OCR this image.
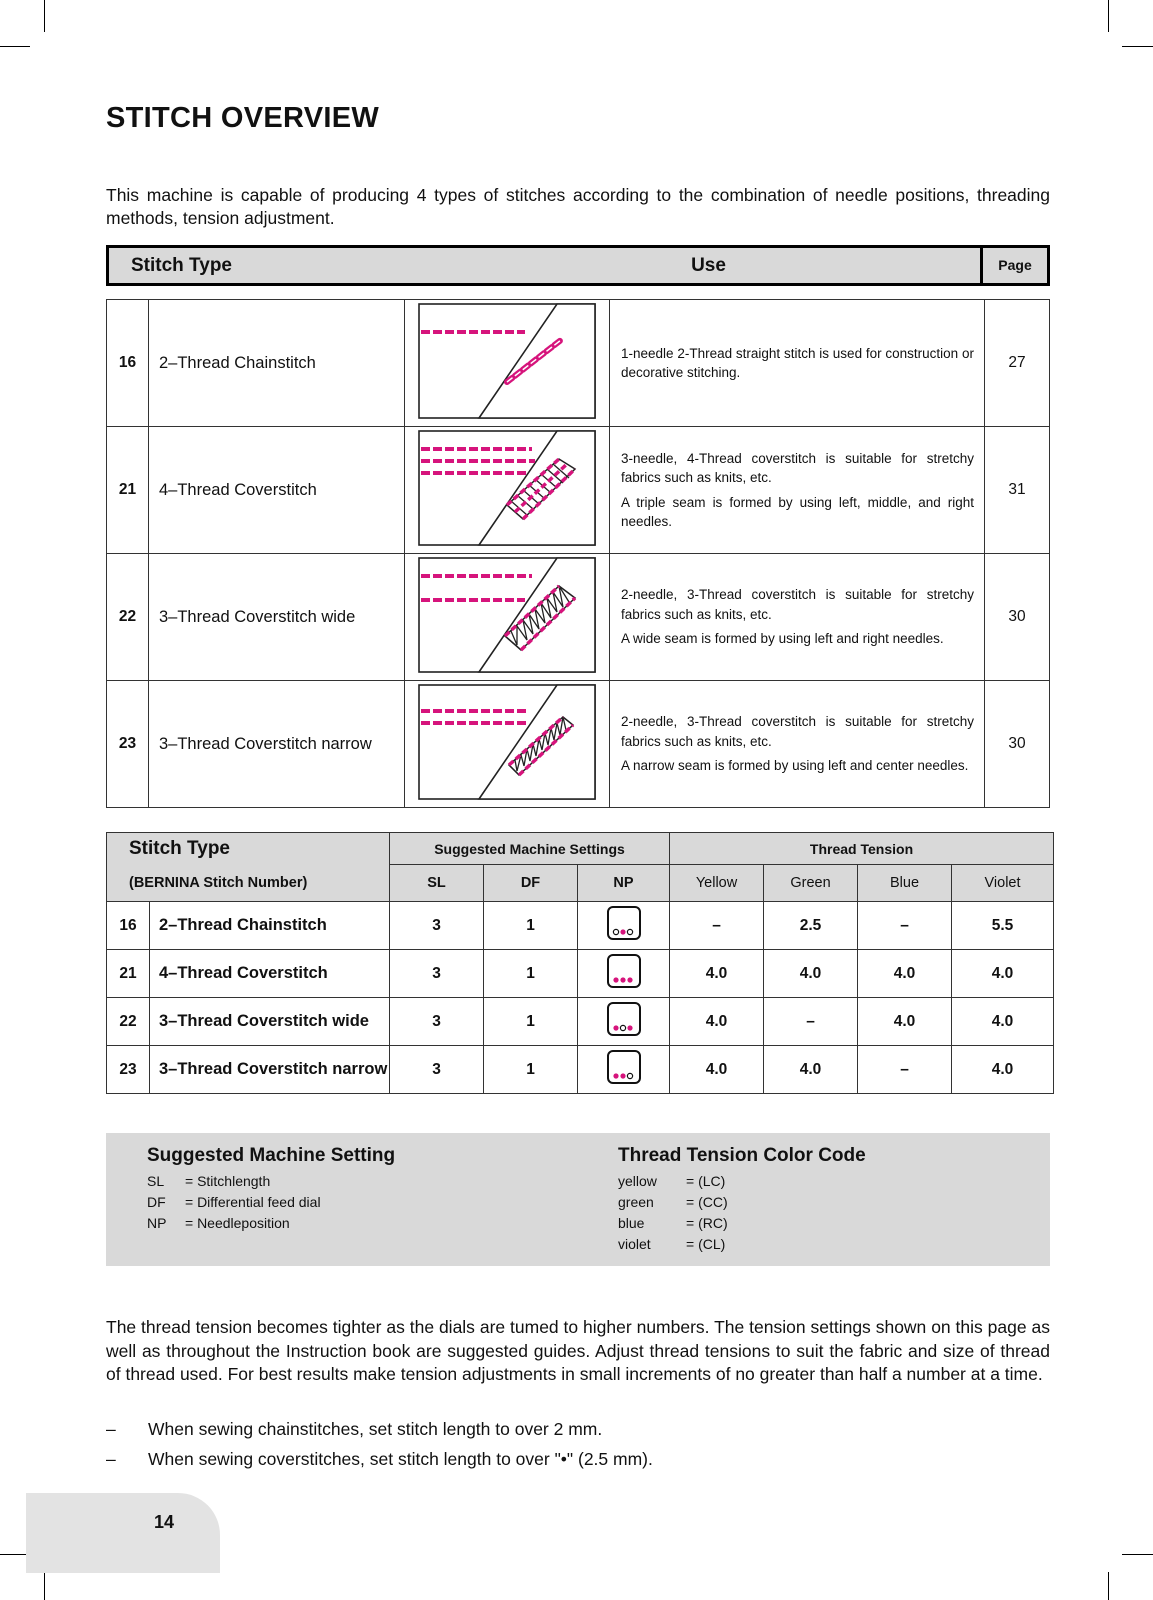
STITCH OVERVIEW

This machine is capable of producing 4 types of stitches according to the combination of needle positions, threading methods, tension adjustment.

Stitch Type	Use	Page
16	2–Thread Chainstitch		1-needle 2-Thread straight stitch is used for construction or decorative stitching.	27
21	4–Thread Coverstitch		3-needle, 4-Thread coverstitch is suitable for stretchy fabrics such as knits, etc.

A triple seam is formed by using left, middle, and right needles.	31
22	3–Thread Coverstitch wide		2-needle, 3-Thread coverstitch is suitable for stretchy fabrics such as knits, etc.

A wide seam is formed by using left and right needles.	30
23	3–Thread Coverstitch narrow		2-needle, 3-Thread coverstitch is suitable for stretchy fabrics such as knits, etc.

A narrow seam is formed by using left and center needles.	30
Stitch Type		Suggested Machine Settings			Thread Tension			
(BERNINA Stitch Number)		SL	DF	NP	Yellow	Green	Blue	Violet
16	2–Thread Chainstitch	3	1		–	2.5	–	5.5
21	4–Thread Coverstitch	3	1		4.0	4.0	4.0	4.0
22	3–Thread Coverstitch wide	3	1		4.0	–	4.0	4.0
23	3–Thread Coverstitch narrow	3	1		4.0	4.0	–	4.0
Suggested Machine Setting
SL	= Stitchlength
DF	= Differential feed dial
NP	= Needleposition
Thread Tension Color Code
yellow	= (LC)
green	= (CC)
blue	= (RC)
violet	= (CL)

The thread tension becomes tighter as the dials are tumed to higher numbers. The tension settings shown on this page as well as throughout the Instruction book are suggested guides. Adjust thread tensions to suit the fabric and size of thread of thread used. For best results make tension adjustments in small increments of no greater than half a number at a time.

–	When sewing chainstitches, set stitch length to over 2 mm.
–	When sewing coverstitches, set stitch length to over "•" (2.5 mm).
14
